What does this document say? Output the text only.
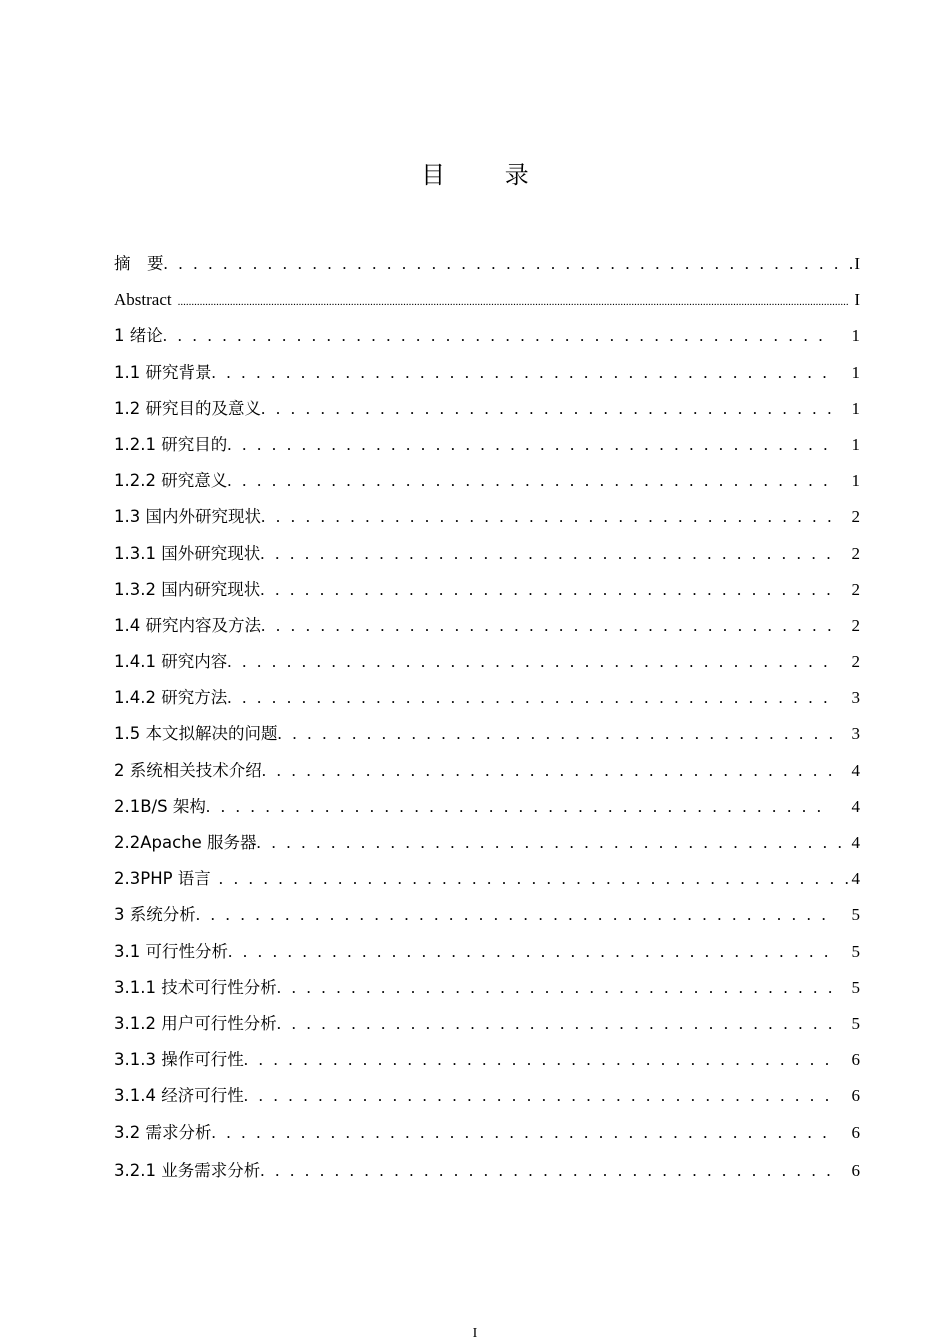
目 录
摘　要 . . .	I
Abstract .....	I
1 绪论 . . .	1
1.1 研究背景 . . .	1
1.2 研究目的及意义 . . .	1
1.2.1 研究目的 . . .	1
1.2.2 研究意义 . . .	1
1.3 国内外研究现状 . . .	2
1.3.1 国外研究现状 . . .	2
1.3.2 国内研究现状 . . .	2
1.4 研究内容及方法 . . .	2
1.4.1 研究内容 . . .	2
1.4.2 研究方法 . . .	3
1.5 本文拟解决的问题 . . .	3
2 系统相关技术介绍 . . .	4
2.1B/S 架构 . . .	4
2.2Apache 服务器 . . .	4
2.3PHP 语言 . . .	4
3 系统分析 . . .	5
3.1 可行性分析 . . .	5
3.1.1 技术可行性分析 . . .	5
3.1.2 用户可行性分析 . . .	5
3.1.3 操作可行性 . . .	6
3.1.4 经济可行性 . . .	6
3.2 需求分析 . . .	6
3.2.1 业务需求分析 . . .	6
I
